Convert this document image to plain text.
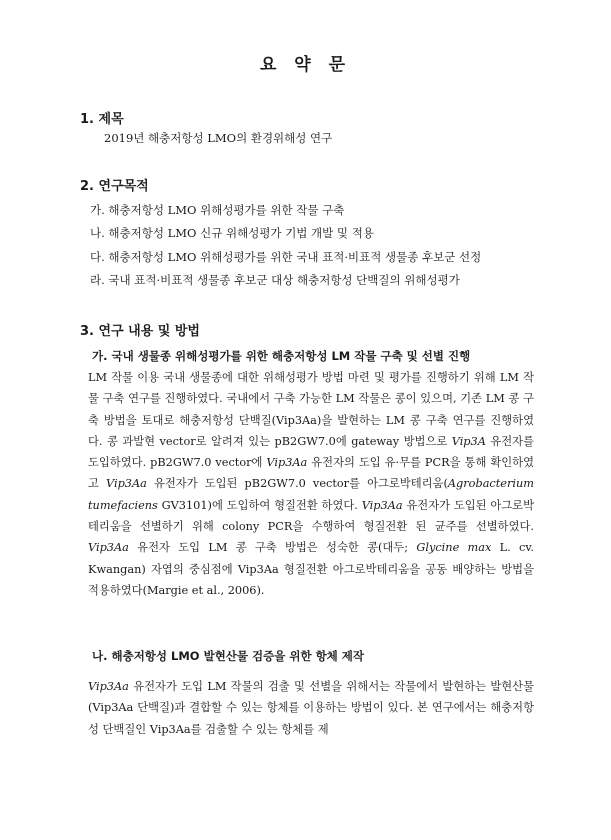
요 약 문
1. 제목
2019년 해충저항성 LMO의 환경위해성 연구
2. 연구목적
가. 해충저항성 LMO 위해성평가를 위한 작물 구축
나. 해충저항성 LMO 신규 위해성평가 기법 개발 및 적용
다. 해충저항성 LMO 위해성평가를 위한 국내 표적·비표적 생물종 후보군 선정
라. 국내 표적·비표적 생물종 후보군 대상 해충저항성 단백질의 위해성평가
3. 연구 내용 및 방법
가. 국내 생물종 위해성평가를 위한 해충저항성 LM 작물 구축 및 선별 진행

LM 작물 이용 국내 생물종에 대한 위해성평가 방법 마련 및 평가를 진행하기 위해 LM 작물 구축 연구를 진행하였다. 국내에서 구축 가능한 LM 작물은 콩이 있으며, 기존 LM 콩 구축 방법을 토대로 해충저항성 단백질(Vip3Aa)을 발현하는 LM 콩 구축 연구를 진행하였다. 콩 과발현 vector로 알려져 있는 pB2GW7.0에 gateway 방법으로 Vip3A 유전자를 도입하였다. pB2GW7.0 vector에 Vip3Aa 유전자의 도입 유·무를 PCR을 통해 확인하였고 Vip3Aa 유전자가 도입된 pB2GW7.0 vector를 아그로박테리움(Agrobacterium tumefaciens GV3101)에 도입하여 형질전환 하였다. Vip3Aa 유전자가 도입된 아그로박테리움을 선별하기 위해 colony PCR을 수행하여 형질전환 된 균주를 선별하였다. Vip3Aa 유전자 도입 LM 콩 구축 방법은 성숙한 콩(대두; Glycine max L. cv. Kwangan) 자엽의 중심점에 Vip3Aa 형질전환 아그로박테리움을 공동 배양하는 방법을 적용하였다(Margie et al., 2006).

나. 해충저항성 LMO 발현산물 검증을 위한 항체 제작

Vip3Aa 유전자가 도입 LM 작물의 검출 및 선별을 위해서는 작물에서 발현하는 발현산물(Vip3Aa 단백질)과 결합할 수 있는 항체를 이용하는 방법이 있다. 본 연구에서는 해충저항성 단백질인 Vip3Aa를 검출할 수 있는 항체를 제
